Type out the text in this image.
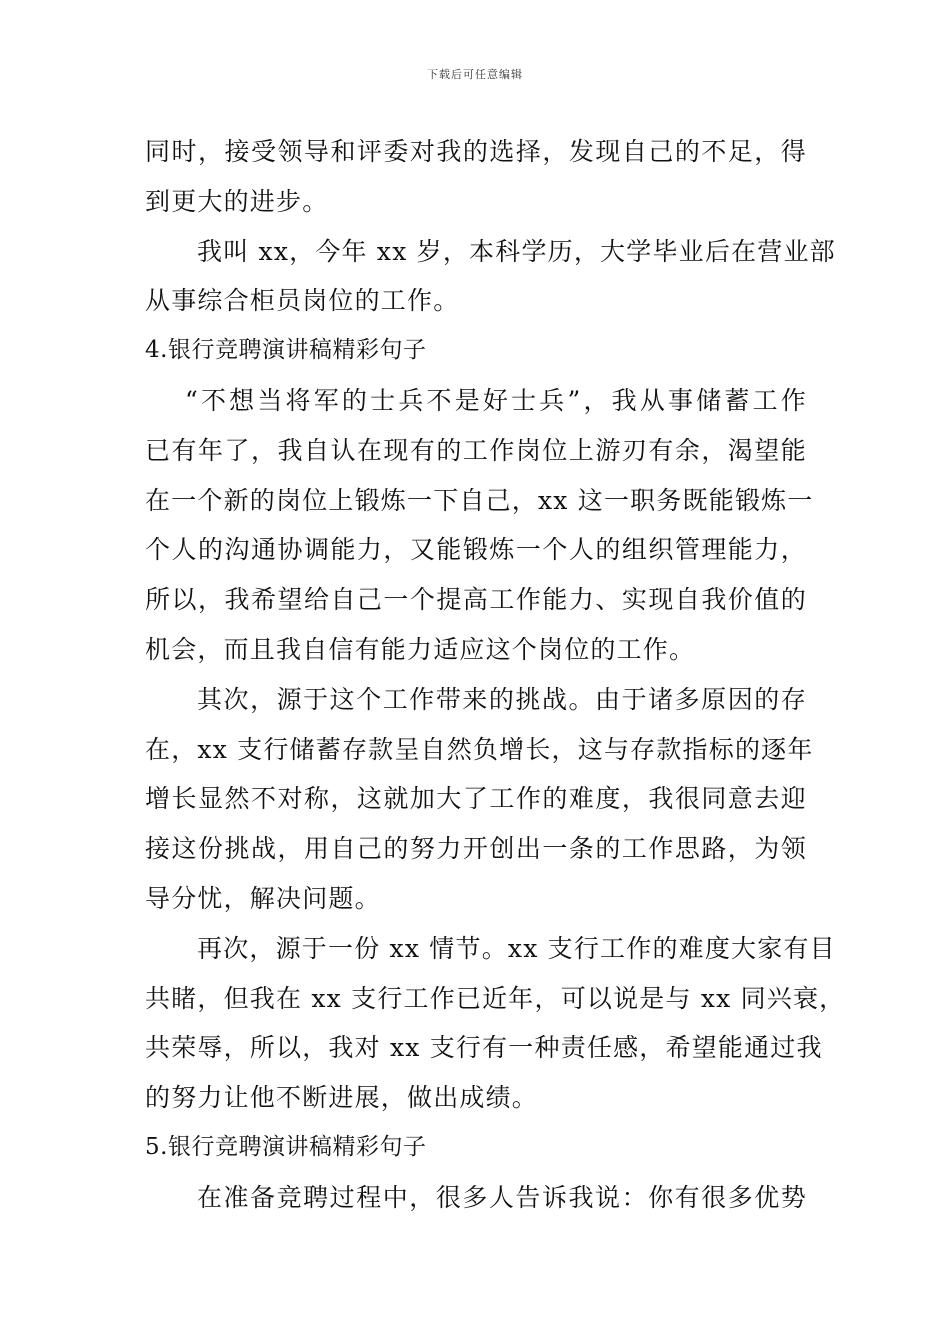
下载后可任意编辑
同时，接受领导和评委对我的选择，发现自己的不足，得
到更大的进步。
我叫 xx，今年 xx 岁，本科学历，大学毕业后在营业部
从事综合柜员岗位的工作。
4.银行竞聘演讲稿精彩句子
“不想当将军的士兵不是好士兵”，我从事储蓄工作
已有年了，我自认在现有的工作岗位上游刃有余，渴望能
在一个新的岗位上锻炼一下自己，xx 这一职务既能锻炼一
个人的沟通协调能力，又能锻炼一个人的组织管理能力，
所以，我希望给自己一个提高工作能力、实现自我价值的
机会，而且我自信有能力适应这个岗位的工作。
其次，源于这个工作带来的挑战。由于诸多原因的存
在，xx 支行储蓄存款呈自然负增长，这与存款指标的逐年
增长显然不对称，这就加大了工作的难度，我很同意去迎
接这份挑战，用自己的努力开创出一条的工作思路，为领
导分忧，解决问题。
再次，源于一份 xx 情节。xx 支行工作的难度大家有目
共睹，但我在 xx 支行工作已近年，可以说是与 xx 同兴衰，
共荣辱，所以，我对 xx 支行有一种责任感，希望能通过我
的努力让他不断进展，做出成绩。
5.银行竞聘演讲稿精彩句子
在准备竞聘过程中，很多人告诉我说：你有很多优势
